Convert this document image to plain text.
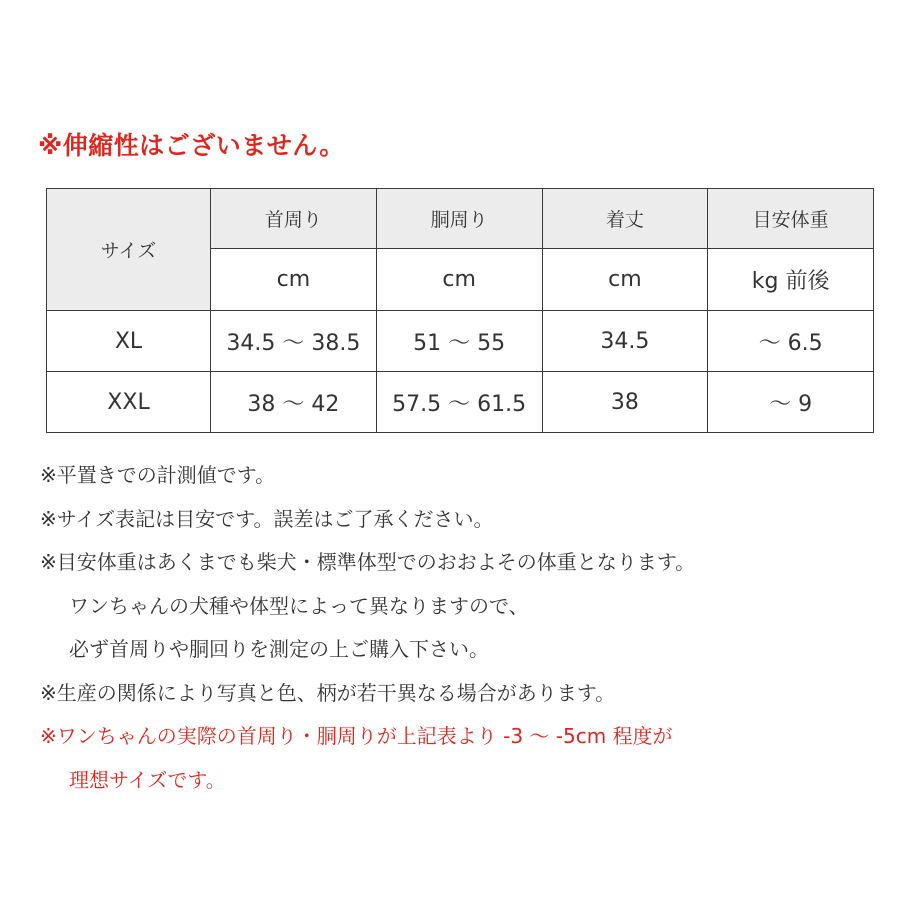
※伸縮性はございません。
サイズ	首周り	胴周り	着丈	目安体重
	cm	cm	cm	kg 前後
XL	34.5 ～ 38.5	51 ～ 55	34.5	～ 6.5
XXL	38 ～ 42	57.5 ～ 61.5	38	～ 9
※平置きでの計測値です。
※サイズ表記は目安です。誤差はご了承ください。
※目安体重はあくまでも柴犬・標準体型でのおおよその体重となります。
ワンちゃんの犬種や体型によって異なりますので、
必ず首周りや胴回りを測定の上ご購入下さい。
※生産の関係により写真と色、柄が若干異なる場合があります。
※ワンちゃんの実際の首周り・胴周りが上記表より -3 ～ -5cm 程度が
理想サイズです。
